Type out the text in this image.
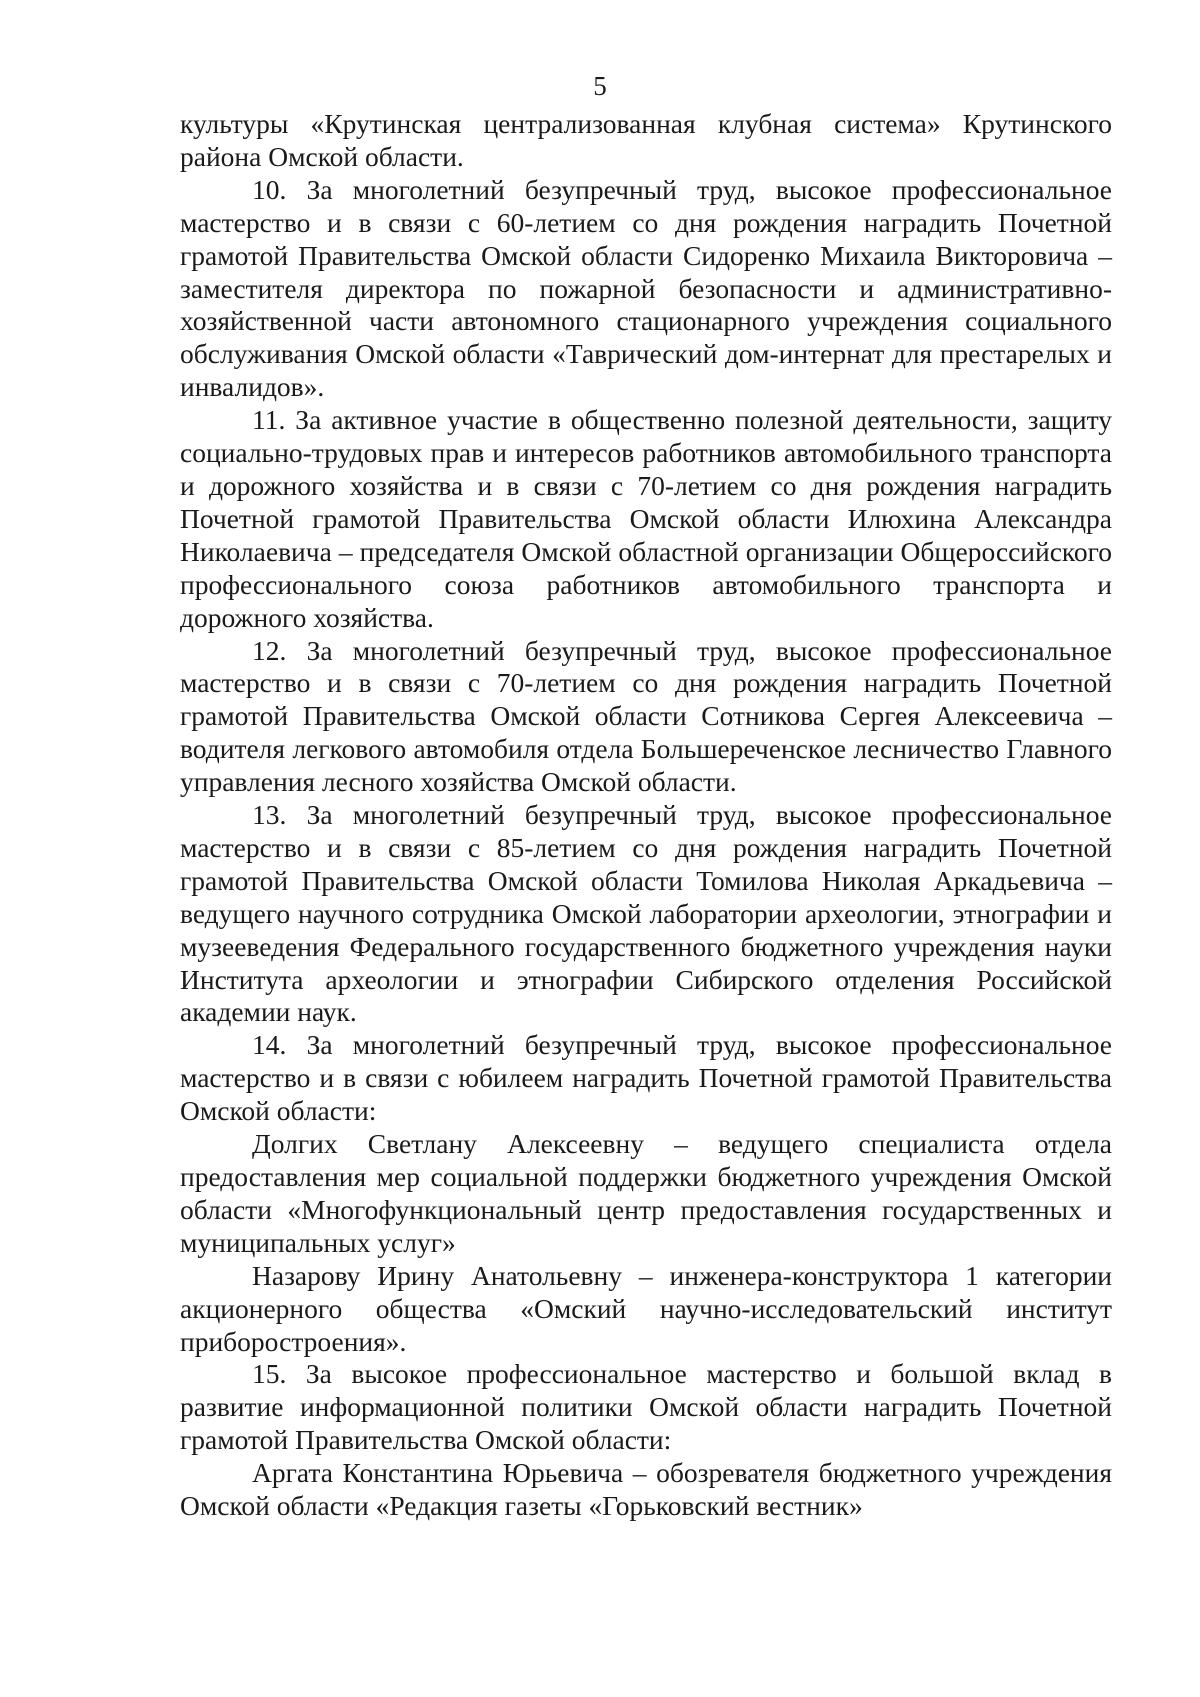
5

культуры «Крутинская централизованная клубная система» Крутинского района Омской области.

10. За многолетний безупречный труд, высокое профессиональное мастерство и в связи с 60-летием со дня рождения наградить Почетной грамотой Правительства Омской области Сидоренко Михаила Викторовича – заместителя директора по пожарной безопасности и административно-хозяйственной части автономного стационарного учреждения социального обслуживания Омской области «Таврический дом-интернат для престарелых и инвалидов».

11. За активное участие в общественно полезной деятельности, защиту социально-трудовых прав и интересов работников автомобильного транспорта и дорожного хозяйства и в связи с 70-летием со дня рождения наградить Почетной грамотой Правительства Омской области Илюхина Александра Николаевича – председателя Омской областной организации Общероссийского профессионального союза работников автомобильного транспорта и дорожного хозяйства.

12. За многолетний безупречный труд, высокое профессиональное мастерство и в связи с 70-летием со дня рождения наградить Почетной грамотой Правительства Омской области Сотникова Сергея Алексеевича – водителя легкового автомобиля отдела Большереченское лесничество Главного управления лесного хозяйства Омской области.

13. За многолетний безупречный труд, высокое профессиональное мастерство и в связи с 85-летием со дня рождения наградить Почетной грамотой Правительства Омской области Томилова Николая Аркадьевича – ведущего научного сотрудника Омской лаборатории археологии, этнографии и музееведения Федерального государственного бюджетного учреждения науки Института археологии и этнографии Сибирского отделения Российской академии наук.

14. За многолетний безупречный труд, высокое профессиональное мастерство и в связи с юбилеем наградить Почетной грамотой Правительства Омской области:

Долгих Светлану Алексеевну – ведущего специалиста отдела предоставления мер социальной поддержки бюджетного учреждения Омской области «Многофункциональный центр предоставления государственных и муниципальных услуг»

Назарову Ирину Анатольевну – инженера-конструктора 1 категории акционерного общества «Омский научно-исследовательский институт приборостроения».

15. За высокое профессиональное мастерство и большой вклад в развитие информационной политики Омской области наградить Почетной грамотой Правительства Омской области:

Аргата Константина Юрьевича – обозревателя бюджетного учреждения Омской области «Редакция газеты «Горьковский вестник»
